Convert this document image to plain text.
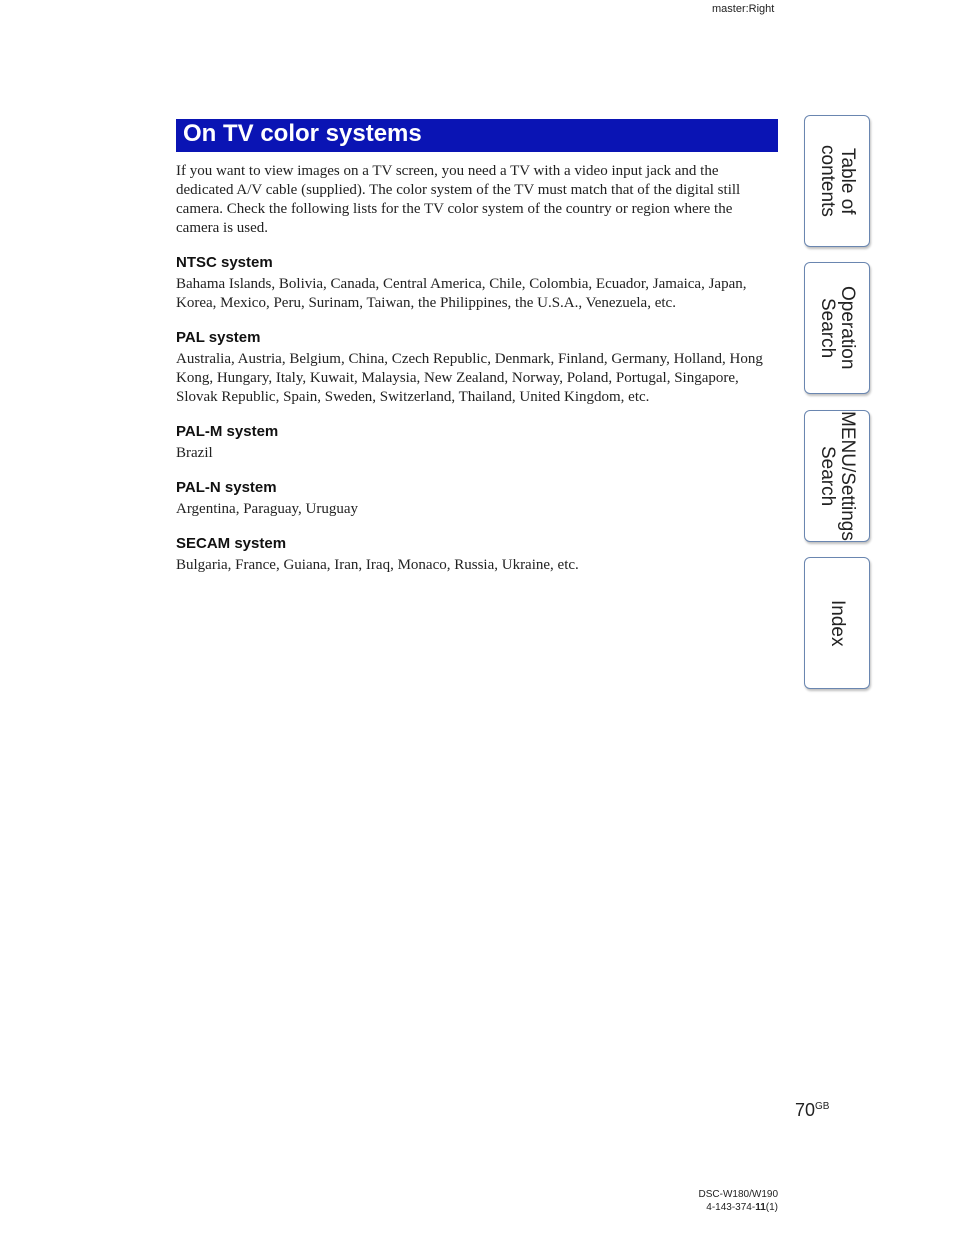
master:Right
On TV color systems

If you want to view images on a TV screen, you need a TV with a video input jack and the dedicated A/V cable (supplied). The color system of the TV must match that of the digital still camera. Check the following lists for the TV color system of the country or region where the camera is used.

NTSC system

Bahama Islands, Bolivia, Canada, Central America, Chile, Colombia, Ecuador, Jamaica, Japan, Korea, Mexico, Peru, Surinam, Taiwan, the Philippines, the U.S.A., Venezuela, etc.

PAL system

Australia, Austria, Belgium, China, Czech Republic, Denmark, Finland, Germany, Holland, Hong Kong, Hungary, Italy, Kuwait, Malaysia, New Zealand, Norway, Poland, Portugal, Singapore, Slovak Republic, Spain, Sweden, Switzerland, Thailand, United Kingdom, etc.

PAL-M system

Brazil

PAL-N system

Argentina, Paraguay, Uruguay

SECAM system

Bulgaria, France, Guiana, Iran, Iraq, Monaco, Russia, Ukraine, etc.

Table of
contents
Operation
Search
MENU/Settings
Search
Index
$70^{GB}$
DSC-W180/W190
4-143-374-11(1)
